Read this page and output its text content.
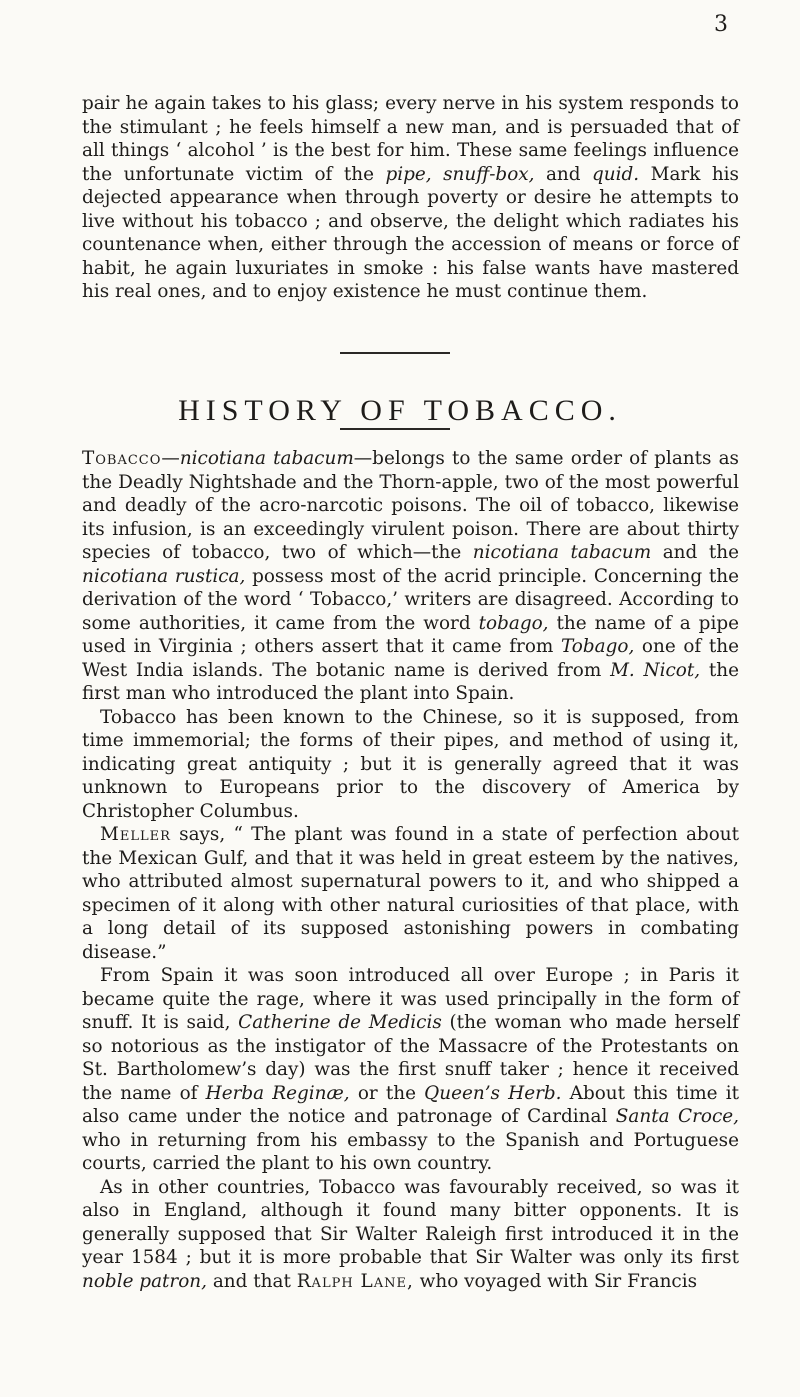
3

pair he again takes to his glass; every nerve in his system responds to the stimulant ; he feels himself a new man, and is persuaded that of all things ‘ alcohol ’ is the best for him. These same feelings influence the unfortunate victim of the pipe, snuff-box, and quid. Mark his dejected appearance when through poverty or desire he attempts to live without his tobacco ; and observe, the delight which radiates his countenance when, either through the accession of means or force of habit, he again luxuriates in smoke : his false wants have mastered his real ones, and to enjoy existence he must continue them.

HISTORY OF TOBACCO.

Tobacco—nicotiana tabacum—belongs to the same order of plants as the Deadly Nightshade and the Thorn-apple, two of the most powerful and deadly of the acro-narcotic poisons. The oil of tobacco, likewise its infusion, is an exceedingly virulent poison. There are about thirty species of tobacco, two of which—the nicotiana tabacum and the nicotiana rustica, possess most of the acrid principle. Concerning the derivation of the word ‘ Tobacco,’ writers are disagreed. According to some authorities, it came from the word tobago, the name of a pipe used in Virginia ; others assert that it came from Tobago, one of the West India islands. The botanic name is derived from M. Nicot, the first man who introduced the plant into Spain.

Tobacco has been known to the Chinese, so it is supposed, from time immemorial; the forms of their pipes, and method of using it, indicating great antiquity ; but it is generally agreed that it was unknown to Europeans prior to the discovery of America by Christopher Columbus.

Meller says, “ The plant was found in a state of perfection about the Mexican Gulf, and that it was held in great esteem by the natives, who attributed almost supernatural powers to it, and who shipped a specimen of it along with other natural curiosities of that place, with a long detail of its supposed astonishing powers in combating disease.”

From Spain it was soon introduced all over Europe ; in Paris it became quite the rage, where it was used principally in the form of snuff. It is said, Catherine de Medicis (the woman who made herself so notorious as the instigator of the Massacre of the Protestants on St. Bartholomew’s day) was the first snuff taker ; hence it received the name of Herba Reginæ, or the Queen’s Herb. About this time it also came under the notice and patronage of Cardinal Santa Croce, who in returning from his embassy to the Spanish and Portuguese courts, carried the plant to his own country.

As in other countries, Tobacco was favourably received, so was it also in England, although it found many bitter opponents. It is generally supposed that Sir Walter Raleigh first introduced it in the year 1584 ; but it is more probable that Sir Walter was only its first noble patron, and that Ralph Lane, who voyaged with Sir Francis
